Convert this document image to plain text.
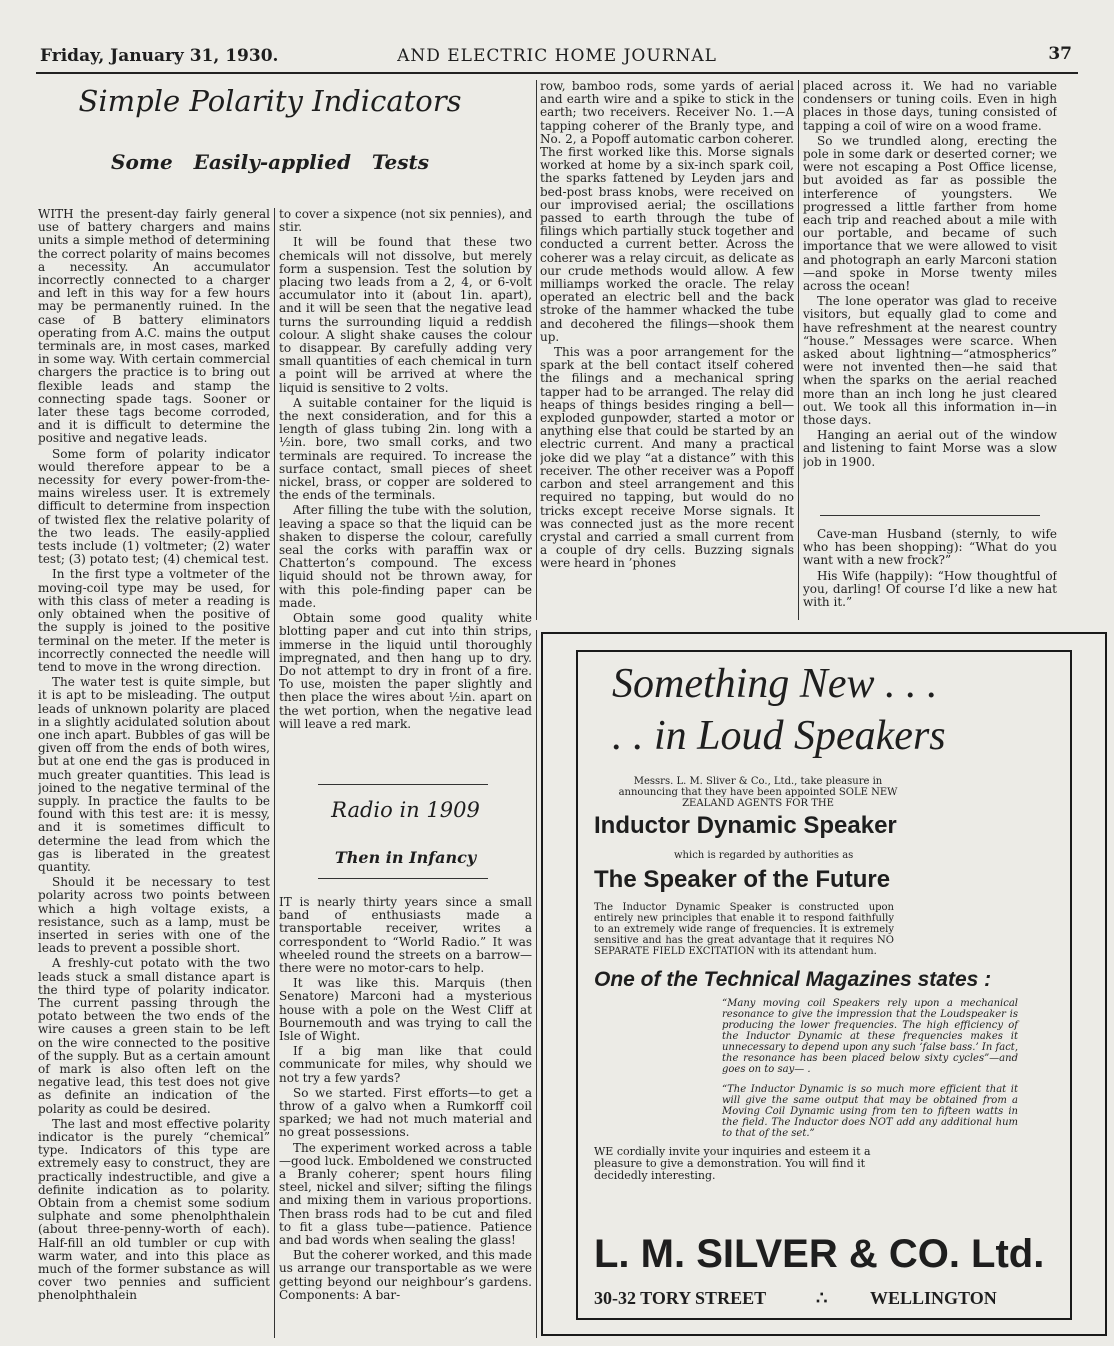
Friday, January 31, 1930.	AND ELECTRIC HOME JOURNAL	37
Simple Polarity Indicators
Some   Easily-applied   Tests

WITH the present-day fairly general use of battery chargers and mains units a simple method of determining the correct polarity of mains becomes a necessity. An accumulator incorrectly connected to a charger and left in this way for a few hours may be permanently ruined. In the case of B battery eliminators operating from A.C. mains the output terminals are, in most cases, marked in some way. With certain commercial chargers the practice is to bring out flexible leads and stamp the connecting spade tags. Sooner or later these tags become corroded, and it is difficult to determine the positive and negative leads.

Some form of polarity indicator would therefore appear to be a necessity for every power-from-the-mains wireless user. It is extremely difficult to determine from inspection of twisted flex the relative polarity of the two leads. The easily-applied tests include (1) voltmeter; (2) water test; (3) potato test; (4) chemical test.

In the first type a voltmeter of the moving-coil type may be used, for with this class of meter a reading is only obtained when the positive of the supply is joined to the positive terminal on the meter. If the meter is incorrectly connected the needle will tend to move in the wrong direction.

The water test is quite simple, but it is apt to be misleading. The output leads of unknown polarity are placed in a slightly acidulated solution about one inch apart. Bubbles of gas will be given off from the ends of both wires, but at one end the gas is produced in much greater quantities. This lead is joined to the negative terminal of the supply. In practice the faults to be found with this test are: it is messy, and it is sometimes difficult to determine the lead from which the gas is liberated in the greatest quantity.

Should it be necessary to test polarity across two points between which a high voltage exists, a resistance, such as a lamp, must be inserted in series with one of the leads to prevent a possible short.

A freshly-cut potato with the two leads stuck a small distance apart is the third type of polarity indicator. The current passing through the potato between the two ends of the wire causes a green stain to be left on the wire connected to the positive of the supply. But as a certain amount of mark is also often left on the negative lead, this test does not give as definite an indication of the polarity as could be desired.

The last and most effective polarity indicator is the purely “chemical” type. Indicators of this type are extremely easy to construct, they are practically indestructible, and give a definite indication as to polarity. Obtain from a chemist some sodium sulphate and some phenolphthalein (about three-penny-worth of each). Half-fill an old tumbler or cup with warm water, and into this place as much of the former substance as will cover two pennies and sufficient phenolphthalein

to cover a sixpence (not six pennies), and stir.

It will be found that these two chemicals will not dissolve, but merely form a suspension. Test the solution by placing two leads from a 2, 4, or 6-volt accumulator into it (about 1in. apart), and it will be seen that the negative lead turns the surrounding liquid a reddish colour. A slight shake causes the colour to disappear. By carefully adding very small quantities of each chemical in turn a point will be arrived at where the liquid is sensitive to 2 volts.

A suitable container for the liquid is the next consideration, and for this a length of glass tubing 2in. long with a ½in. bore, two small corks, and two terminals are required. To increase the surface contact, small pieces of sheet nickel, brass, or copper are soldered to the ends of the terminals.

After filling the tube with the solution, leaving a space so that the liquid can be shaken to disperse the colour, carefully seal the corks with paraffin wax or Chatterton’s compound. The excess liquid should not be thrown away, for with this pole-finding paper can be made.

Obtain some good quality white blotting paper and cut into thin strips, immerse in the liquid until thoroughly impregnated, and then hang up to dry. Do not attempt to dry in front of a fire. To use, moisten the paper slightly and then place the wires about ½in. apart on the wet portion, when the negative lead will leave a red mark.

Radio in 1909
Then in Infancy

IT is nearly thirty years since a small band of enthusiasts made a transportable receiver, writes a correspondent to “World Radio.” It was wheeled round the streets on a barrow—there were no motor-cars to help.

It was like this. Marquis (then Senatore) Marconi had a mysterious house with a pole on the West Cliff at Bournemouth and was trying to call the Isle of Wight.

If a big man like that could communicate for miles, why should we not try a few yards?

So we started. First efforts—to get a throw of a galvo when a Rumkorff coil sparked; we had not much material and no great possessions.

The experiment worked across a table—good luck. Emboldened we constructed a Branly coherer; spent hours filing steel, nickel and silver; sifting the filings and mixing them in various proportions. Then brass rods had to be cut and filed to fit a glass tube—patience. Patience and bad words when sealing the glass!

But the coherer worked, and this made us arrange our transportable as we were getting beyond our neighbour’s gardens. Components: A bar-

row, bamboo rods, some yards of aerial and earth wire and a spike to stick in the earth; two receivers. Receiver No. 1.—A tapping coherer of the Branly type, and No. 2, a Popoff automatic carbon coherer. The first worked like this. Morse signals worked at home by a six-inch spark coil, the sparks fattened by Leyden jars and bed-post brass knobs, were received on our improvised aerial; the oscillations passed to earth through the tube of filings which partially stuck together and conducted a current better. Across the coherer was a relay circuit, as delicate as our crude methods would allow. A few milliamps worked the oracle. The relay operated an electric bell and the back stroke of the hammer whacked the tube and decohered the filings—shook them up.

This was a poor arrangement for the spark at the bell contact itself cohered the filings and a mechanical spring tapper had to be arranged. The relay did heaps of things besides ringing a bell—exploded gunpowder, started a motor or anything else that could be started by an electric current. And many a practical joke did we play “at a distance” with this receiver. The other receiver was a Popoff carbon and steel arrangement and this required no tapping, but would do no tricks except receive Morse signals. It was connected just as the more recent crystal and carried a small current from a couple of dry cells. Buzzing signals were heard in ’phones

placed across it. We had no variable condensers or tuning coils. Even in high places in those days, tuning consisted of tapping a coil of wire on a wood frame.

So we trundled along, erecting the pole in some dark or deserted corner; we were not escaping a Post Office license, but avoided as far as possible the interference of youngsters. We progressed a little farther from home each trip and reached about a mile with our portable, and became of such importance that we were allowed to visit and photograph an early Marconi station—and spoke in Morse twenty miles across the ocean!

The lone operator was glad to receive visitors, but equally glad to come and have refreshment at the nearest country “house.” Messages were scarce. When asked about lightning—“atmospherics” were not invented then—he said that when the sparks on the aerial reached more than an inch long he just cleared out. We took all this information in—in those days.

Hanging an aerial out of the window and listening to faint Morse was a slow job in 1900.

Cave-man Husband (sternly, to wife who has been shopping): “What do you want with a new frock?”

His Wife (happily): “How thoughtful of you, darling! Of course I’d like a new hat with it.”

Something New . . .
. . in Loud Speakers
Messrs. L. M. Sliver & Co., Ltd., take pleasure in announcing that they have been appointed SOLE NEW ZEALAND AGENTS FOR THE
Inductor Dynamic Speaker
which is regarded by authorities as
The Speaker of the Future
The Inductor Dynamic Speaker is constructed upon entirely new principles that enable it to respond faithfully to an extremely wide range of frequencies. It is extremely sensitive and has the great advantage that it requires NO SEPARATE FIELD EXCITATION with its attendant hum.
One of the Technical Magazines states :
“Many moving coil Speakers rely upon a mechanical resonance to give the impression that the Loudspeaker is producing the lower frequencies. The high efficiency of the Inductor Dynamic at these frequencies makes it unnecessary to depend upon any such ‘false bass.’ In fact, the resonance has been placed below sixty cycles”—and goes on to say— .
“The Inductor Dynamic is so much more efficient that it will give the same output that may be obtained from a Moving Coil Dynamic using from ten to fifteen watts in the field. The Inductor does NOT add any additional hum to that of the set.”
WE cordially invite your inquiries and esteem it a pleasure to give a demonstration. You will find it decidedly interesting.
L. M. SILVER & CO. Ltd.
30-32 TORY STREET	∴ WELLINGTON
